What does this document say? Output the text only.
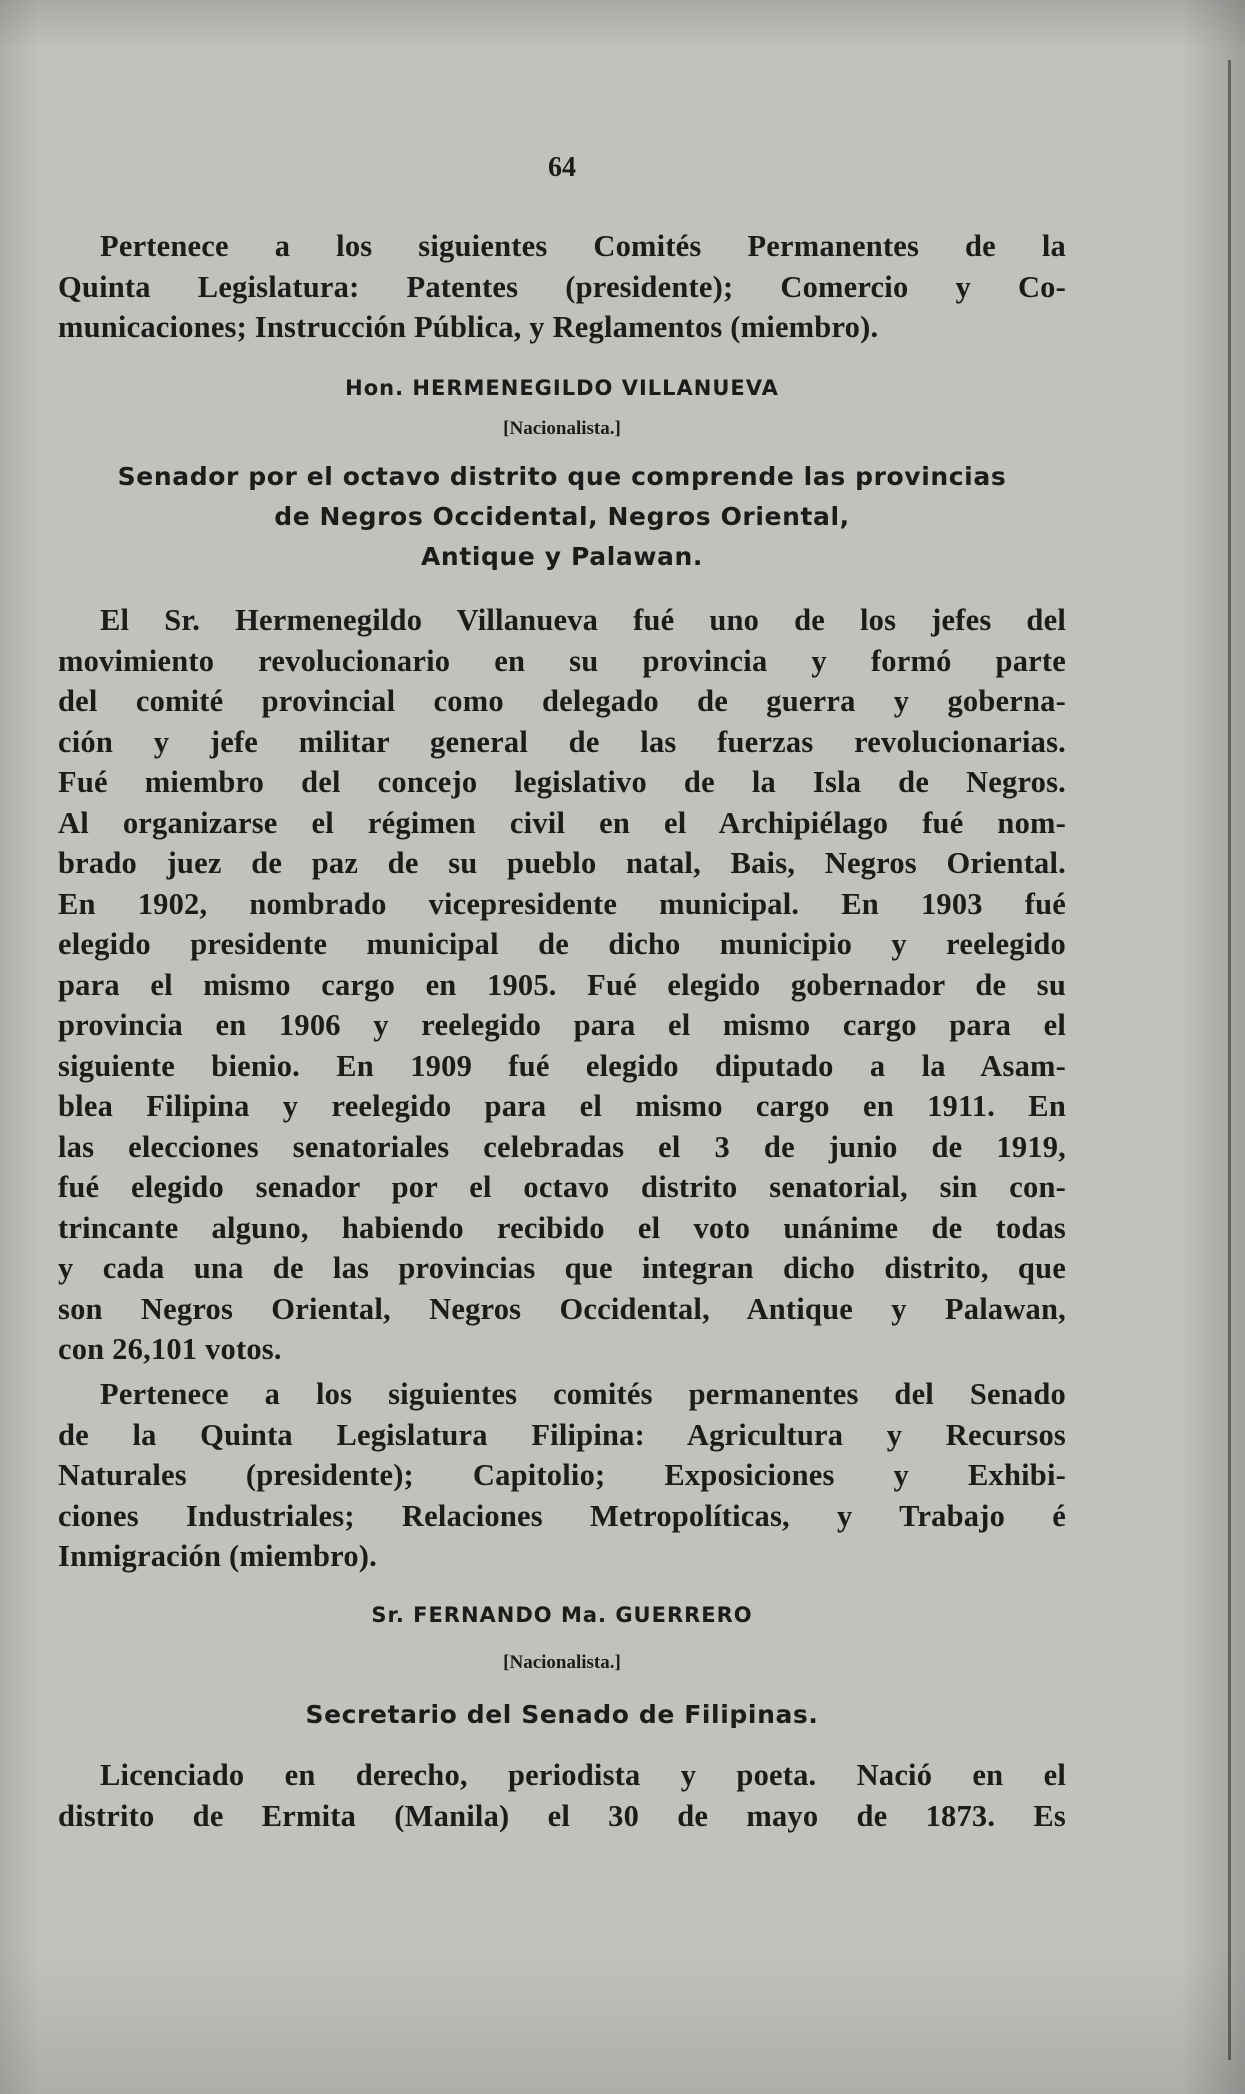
64
Pertenece a los siguientes Comités Permanentes de la
Quinta Legislatura: Patentes (presidente); Comercio y Co-
municaciones; Instrucción Pública, y Reglamentos (miembro).
Hon. HERMENEGILDO VILLANUEVA
[Nacionalista.]
Senador por el octavo distrito que comprende las provincias
de Negros Occidental, Negros Oriental,
Antique y Palawan.
El Sr. Hermenegildo Villanueva fué uno de los jefes del
movimiento revolucionario en su provincia y formó parte
del comité provincial como delegado de guerra y goberna-
ción y jefe militar general de las fuerzas revolucionarias.
Fué miembro del concejo legislativo de la Isla de Negros.
Al organizarse el régimen civil en el Archipiélago fué nom-
brado juez de paz de su pueblo natal, Bais, Negros Oriental.
En 1902, nombrado vicepresidente municipal. En 1903 fué
elegido presidente municipal de dicho municipio y reelegido
para el mismo cargo en 1905. Fué elegido gobernador de su
provincia en 1906 y reelegido para el mismo cargo para el
siguiente bienio. En 1909 fué elegido diputado a la Asam-
blea Filipina y reelegido para el mismo cargo en 1911. En
las elecciones senatoriales celebradas el 3 de junio de 1919,
fué elegido senador por el octavo distrito senatorial, sin con-
trincante alguno, habiendo recibido el voto unánime de todas
y cada una de las provincias que integran dicho distrito, que
son Negros Oriental, Negros Occidental, Antique y Palawan,
con 26,101 votos.
Pertenece a los siguientes comités permanentes del Senado
de la Quinta Legislatura Filipina: Agricultura y Recursos
Naturales (presidente); Capitolio; Exposiciones y Exhibi-
ciones Industriales; Relaciones Metropolíticas, y Trabajo é
Inmigración (miembro).
Sr. FERNANDO Ma. GUERRERO
[Nacionalista.]
Secretario del Senado de Filipinas.
Licenciado en derecho, periodista y poeta. Nació en el
distrito de Ermita (Manila) el 30 de mayo de 1873. Es
